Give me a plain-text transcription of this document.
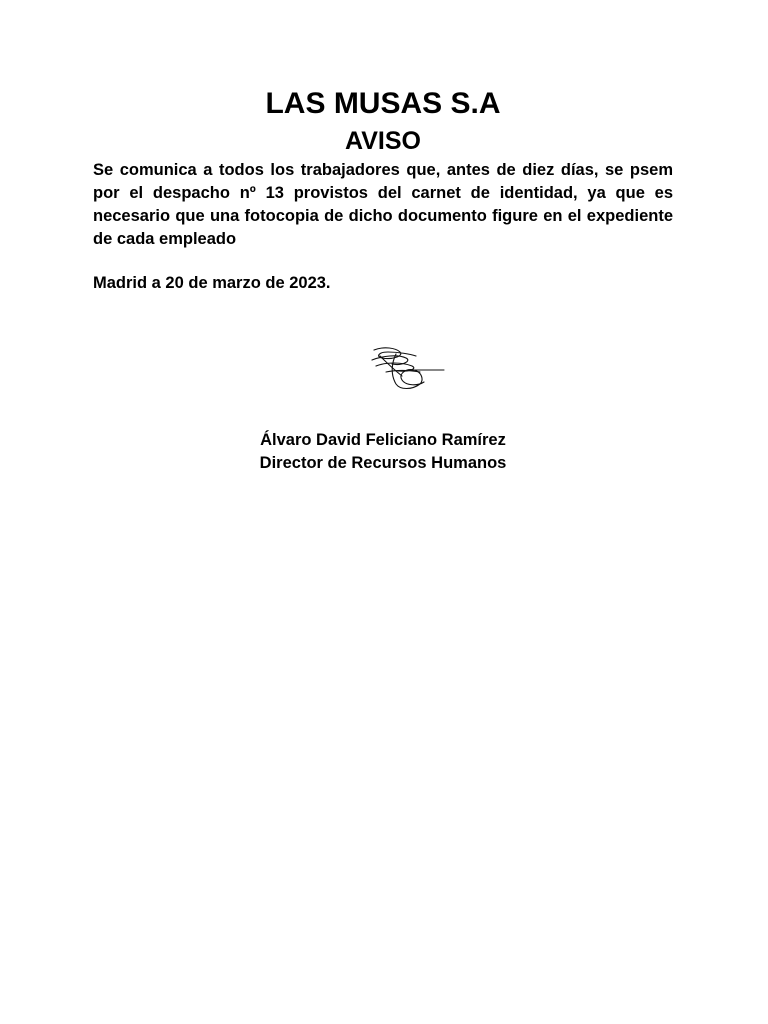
LAS MUSAS S.A
AVISO

Se comunica a todos los trabajadores que, antes de diez días, se psem por el despacho nº 13 provistos del carnet de identidad, ya que es necesario que una fotocopia de dicho documento figure en el expediente de cada empleado

Madrid a 20 de marzo de 2023.

Álvaro David Feliciano Ramírez

Director de Recursos Humanos
